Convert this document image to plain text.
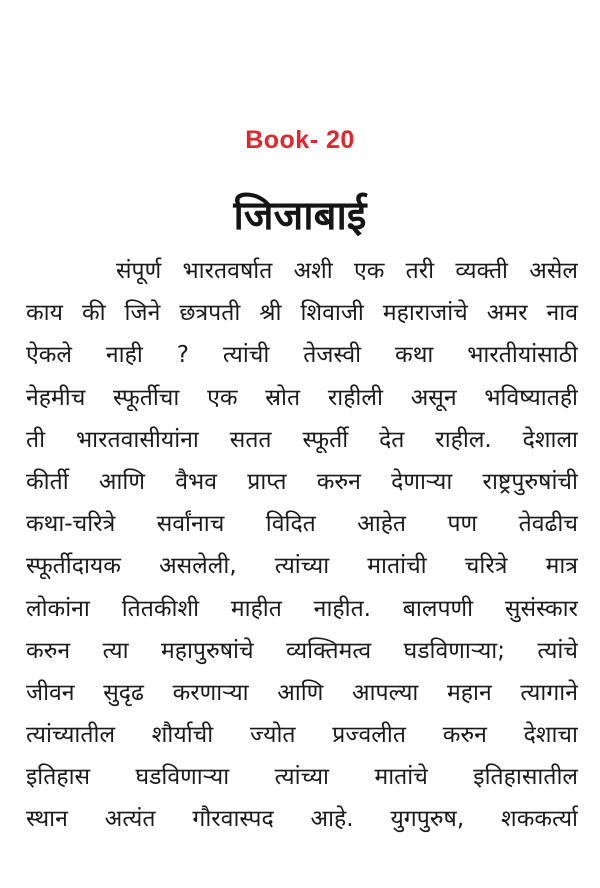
Book- 20
जिजाबाई
संपूर्ण भारतवर्षात अशी एक तरी व्यक्ती असेल
काय की जिने छत्रपती श्री शिवाजी महाराजांचे अमर नाव
ऐकले नाही ? त्यांची तेजस्वी कथा भारतीयांसाठी
नेहमीच स्फूर्तीचा एक स्रोत राहीली असून भविष्यातही
ती भारतवासीयांना सतत स्फूर्ती देत राहील. देशाला
कीर्ती आणि वैभव प्राप्त करुन देणाऱ्या राष्ट्रपुरुषांची
कथा-चरित्रे सर्वांनाच विदित आहेत पण तेवढीच
स्फूर्तीदायक असलेली, त्यांच्या मातांची चरित्रे मात्र
लोकांना तितकीशी माहीत नाहीत. बालपणी सुसंस्कार
करुन त्या महापुरुषांचे व्यक्तिमत्व घडविणाऱ्या; त्यांचे
जीवन सुदृढ करणाऱ्या आणि आपल्या महान त्यागाने
त्यांच्यातील शौर्याची ज्योत प्रज्वलीत करुन देशाचा
इतिहास घडविणाऱ्या त्यांच्या मातांचे इतिहासातील
स्थान अत्यंत गौरवास्पद आहे. युगपुरुष, शककर्त्या
